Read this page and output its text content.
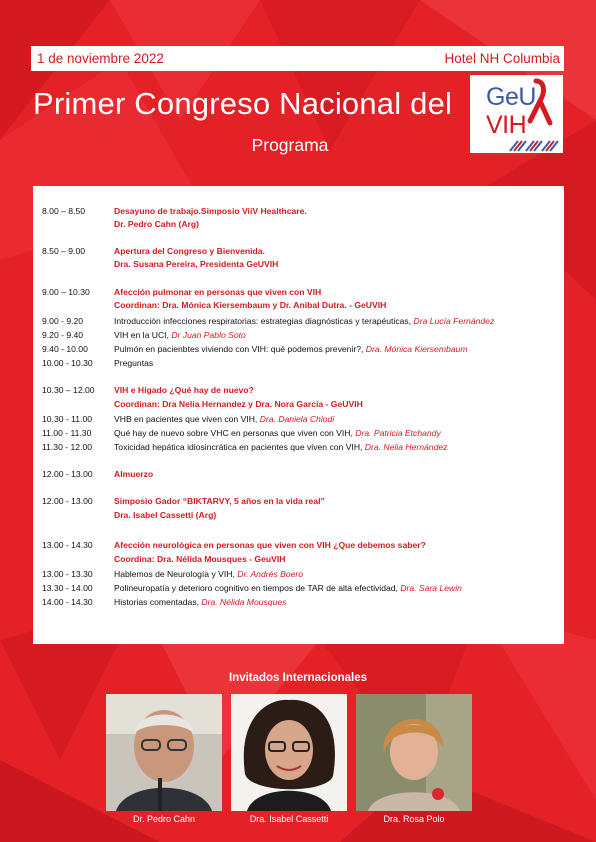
1 de noviembre 2022	Hotel NH Columbia
Primer Congreso Nacional del
Programa
GeU
VIH
8.00 – 8.50	Desayuno de trabajo.Simposio ViiV Healthcare.
Dr. Pedro Cahn (Arg)
8.50 – 9.00	Apertura del Congreso y Bienvenida.
Dra. Susana Pereira, Presidenta GeUVIH
9.00 – 10.30	Afección pulmonar en personas que viven con VIH
Coordinan: Dra. Mónica Kiersembaum y Dr. Anibal Dutra. - GeUVIH
9.00 - 9.20	Introducción infecciones respiratorias: estrategias diagnósticas y terapéuticas, Dra Lucía Fernández
9.20 - 9.40	VIH en la UCI, Dr Juan Pablo Soto
9.40 - 10.00	Pulmón en pacienbtes viviendo con VIH: qué podemos prevenir?, Dra. Mónica Kiersembaum
10.00 - 10.30	Preguntas
10.30 – 12.00	VIH e Hígado ¿Qué hay de nuevo?
Coordinan: Dra Nelia Hernandez y Dra. Nora García - GeUVIH
10.30 - 11.00	VHB en pacientes que viven con VIH, Dra. Daniela Chiodi
11.00 - 11.30	Qué hay de nuevo sobre VHC en personas que viven con VIH, Dra. Patricia Etchandy
11.30 - 12.00	Toxicidad hepática idiosincrática en pacientes que viven con VIH, Dra. Nelia Hernández
12.00 - 13.00	Almuerzo
12.00 - 13.00	Simposio Gador “BIKTARVY, 5 años en la vida real”
Dra. Isabel Cassetti (Arg)
13.00 - 14.30	Afección neurológica en personas que viven con VIH ¿Que debemos saber?
Coordina: Dra. Nélida Mousques - GeuVIH
13.00 - 13.30	Hablemos de Neurología y VIH, Dr. Andrés Boero
13.30 - 14.00	Polineuropatía y deterioro cognitivo en tiempos de TAR de alta efectividad, Dra. Sara Lewin
14.00 - 14.30	Historias comentadas, Dra. Nélida Mousques
Invitados Internacionales
Dr. Pedro Cahn	Dra. Isabel Cassetti	Dra. Rosa Polo
